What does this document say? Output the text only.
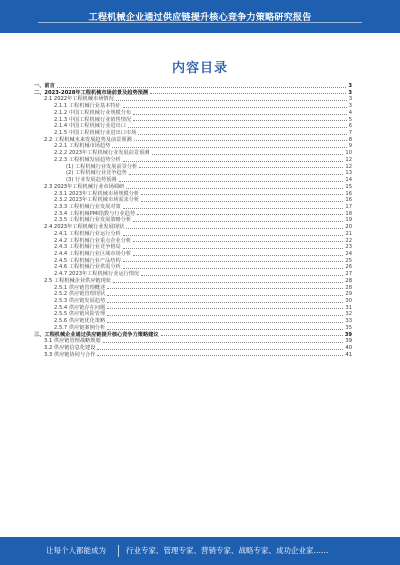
工程机械企业通过供应链提升核心竞争力策略研究报告
内容目录
一、前言	3
二、2023-2028年工程机械市场前景及趋势预测	3
2.1 2022年工程机械市场情况	3
2.1.1 工程机械行业基本特征	3
2.1.2 中国工程机械行业规模分布	4
2.1.3 中国工程机械行业销售情况	5
2.1.4 中国工程机械行业进出口	6
2.1.5 中国工程机械行业进出口市场	7
2.2 工程机械未来发展趋势及前景预测	8
2.2.1 工程机械市场趋势	9
2.2.2 2023年工程机械行业发展前景预测	10
2.2.3 工程机械发展趋势分析	12
(1) 工程机械行业发展前景分析	12
(2) 工程机械行业竞争趋势	13
(3) 行业发展趋势预测	14
2.3 2023年工程机械行业市场调研	15
2.3.1 2023年工程机械市场规模分析	16
2.3.2 2023年工程机械市场需求分析	16
2.3.3 工程机械行业发展对策	17
2.3.4 工程机械PMI指数与行业趋势	18
2.3.5 工程机械行业发展策略分析	19
2.4 2023年工程机械行业发展现状	20
2.4.1 工程机械行业运行分析	21
2.4.2 工程机械行业重点企业分析	22
2.4.3 工程机械行业竞争格局	23
2.4.4 工程机械行业区域市场分析	24
2.4.5 工程机械行业产品结构	25
2.4.6 工程机械行业供需分析	26
2.4.7 2023年工程机械行业运行情况	27
2.5 工程机械企业供应链现状	28
2.5.1 供应链管理概述	28
2.5.2 供应链管理现状	29
2.5.3 供应链发展趋势	30
2.5.4 供应链存在问题	31
2.5.5 供应链风险管理	32
2.5.6 供应链优化策略	33
2.5.7 供应链案例分析	35
三、工程机械企业通过供应链提升核心竞争力策略建议	39
3.1 供应链管理战略规划	39
3.2 供应链信息化建设	40
3.3 供应链协同与合作	41
让每个人都能成为	行业专家、管理专家、营销专家、战略专家、成功企业家……
